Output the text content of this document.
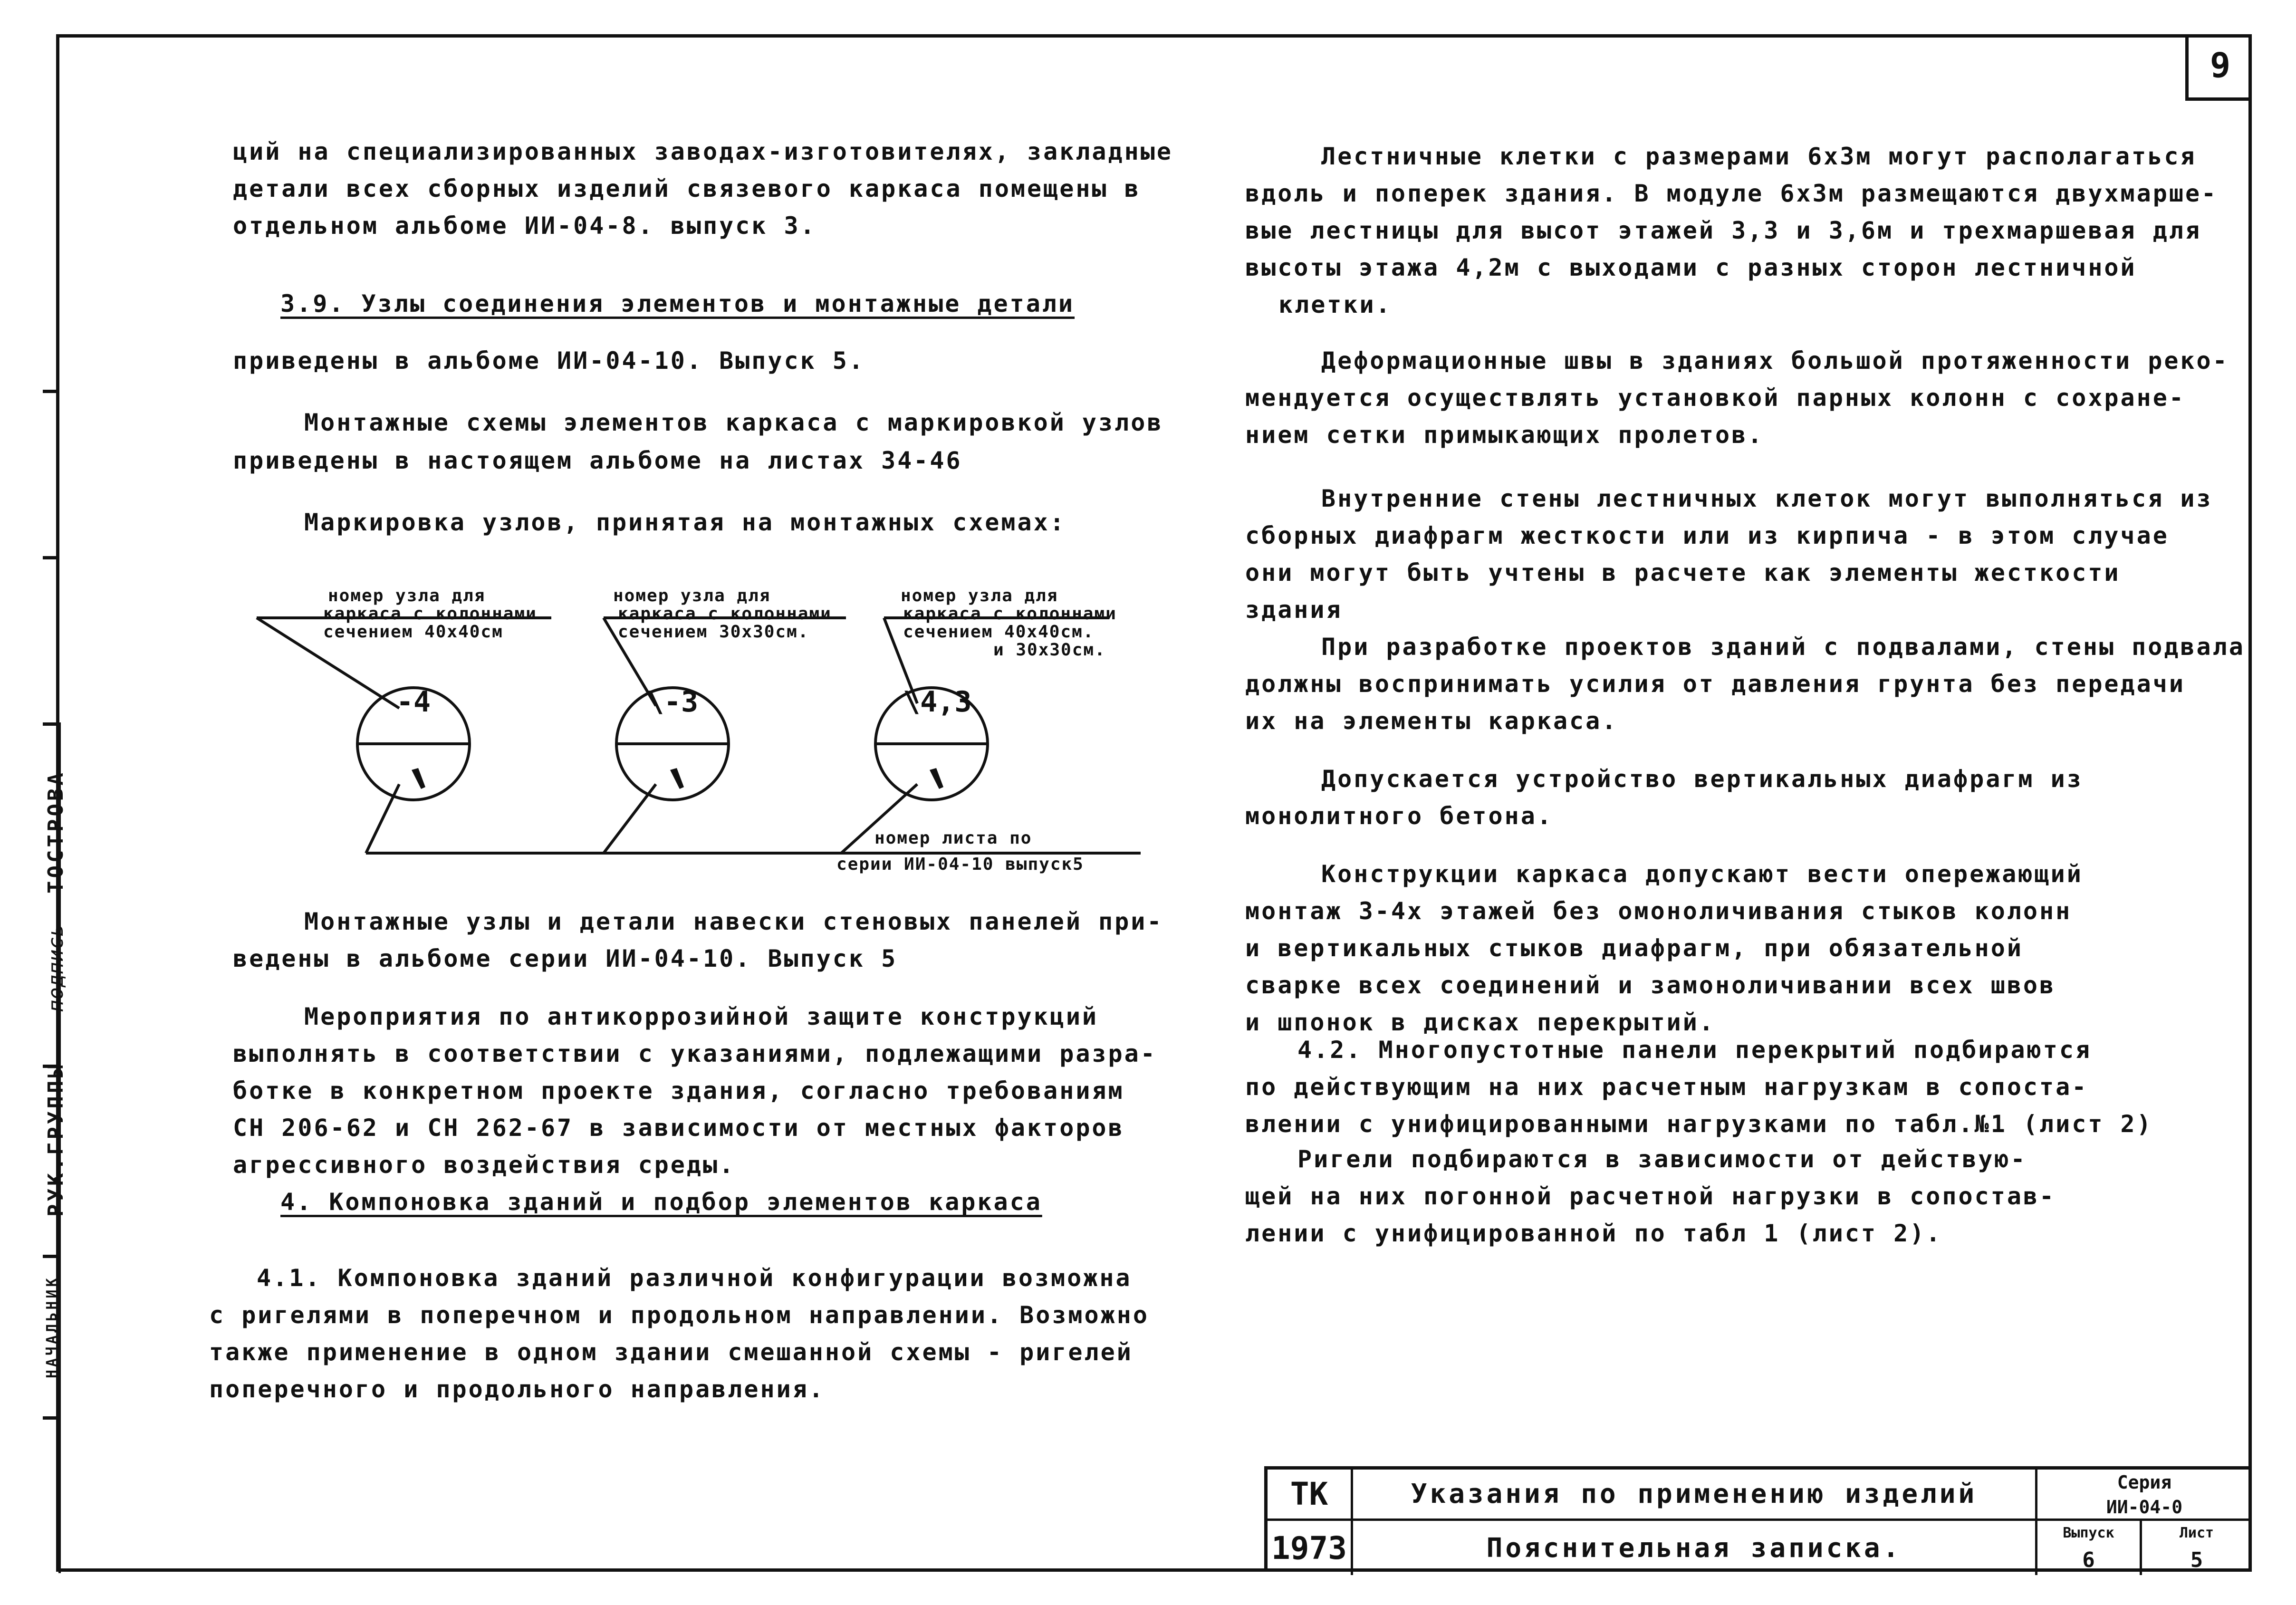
9
ТОСТРОВА
РУК.ГРУППЫ
подпись
НАЧАЛЬНИК
ций на специализированных заводах-изготовителях, закладные
детали всех сборных изделий связевого каркаса помещены в
отдельном альбоме ИИ-04-8. выпуск 3.
3.9. Узлы соединения элементов и монтажные детали
приведены в альбоме ИИ-04-10. Выпуск 5.
Монтажные схемы элементов каркаса с маркировкой узлов
приведены в настоящем альбоме на листах 34-46
Маркировка узлов, принятая на монтажных схемах:
номер узла для
каркаса с колоннами
сечением 40х40см
номер узла для
каркаса с колоннами
сечением 30х30см.
номер узла для
каркаса с колоннами
сечением 40х40см.
и 30х30см.
-4	\-3	\4,3
номер листа по
серии ИИ-04-10 выпуск5
Монтажные узлы и детали навески стеновых панелей при-
ведены в альбоме серии ИИ-04-10. Выпуск 5
Мероприятия по антикоррозийной защите конструкций
выполнять в соответствии с указаниями, подлежащими разра-
ботке в конкретном проекте здания, согласно требованиям
СН 206-62 и СН 262-67 в зависимости от местных факторов
агрессивного воздействия среды.
4. Компоновка зданий и подбор элементов каркаса
4.1. Компоновка зданий различной конфигурации возможна
с ригелями в поперечном и продольном направлении. Возможно
также применение в одном здании смешанной схемы - ригелей
поперечного и продольного направления.
Лестничные клетки с размерами 6х3м могут располагаться
вдоль и поперек здания. В модуле 6х3м размещаются двухмарше-
вые лестницы для высот этажей 3,3 и 3,6м и трехмаршевая для
высоты этажа 4,2м с выходами с разных сторон лестничной
клетки.
Деформационные швы в зданиях большой протяженности реко-
мендуется осуществлять установкой парных колонн с сохране-
нием сетки примыкающих пролетов.
Внутренние стены лестничных клеток могут выполняться из
сборных диафрагм жесткости или из кирпича - в этом случае
они могут быть учтены в расчете как элементы жесткости
здания
При разработке проектов зданий с подвалами, стены подвала
должны воспринимать усилия от давления грунта без передачи
их на элементы каркаса.
Допускается устройство вертикальных диафрагм из
монолитного бетона.
Конструкции каркаса допускают вести опережающий
монтаж 3-4х этажей без омоноличивания стыков колонн
и вертикальных стыков диафрагм, при обязательной
сварке всех соединений и замоноличивании всех швов
и шпонок в дисках перекрытий.
4.2. Многопустотные панели перекрытий подбираются
по действующим на них расчетным нагрузкам в сопоста-
влении с унифицированными нагрузками по табл.№1 (лист 2)
Ригели подбираются в зависимости от действую-
щей на них погонной расчетной нагрузки в сопостав-
лении с унифицированной по табл 1 (лист 2).
ТК
1973
Указания по применению изделий
Пояснительная записка.
Серия
ИИ-04-0
Выпуск
6
Лист
5
